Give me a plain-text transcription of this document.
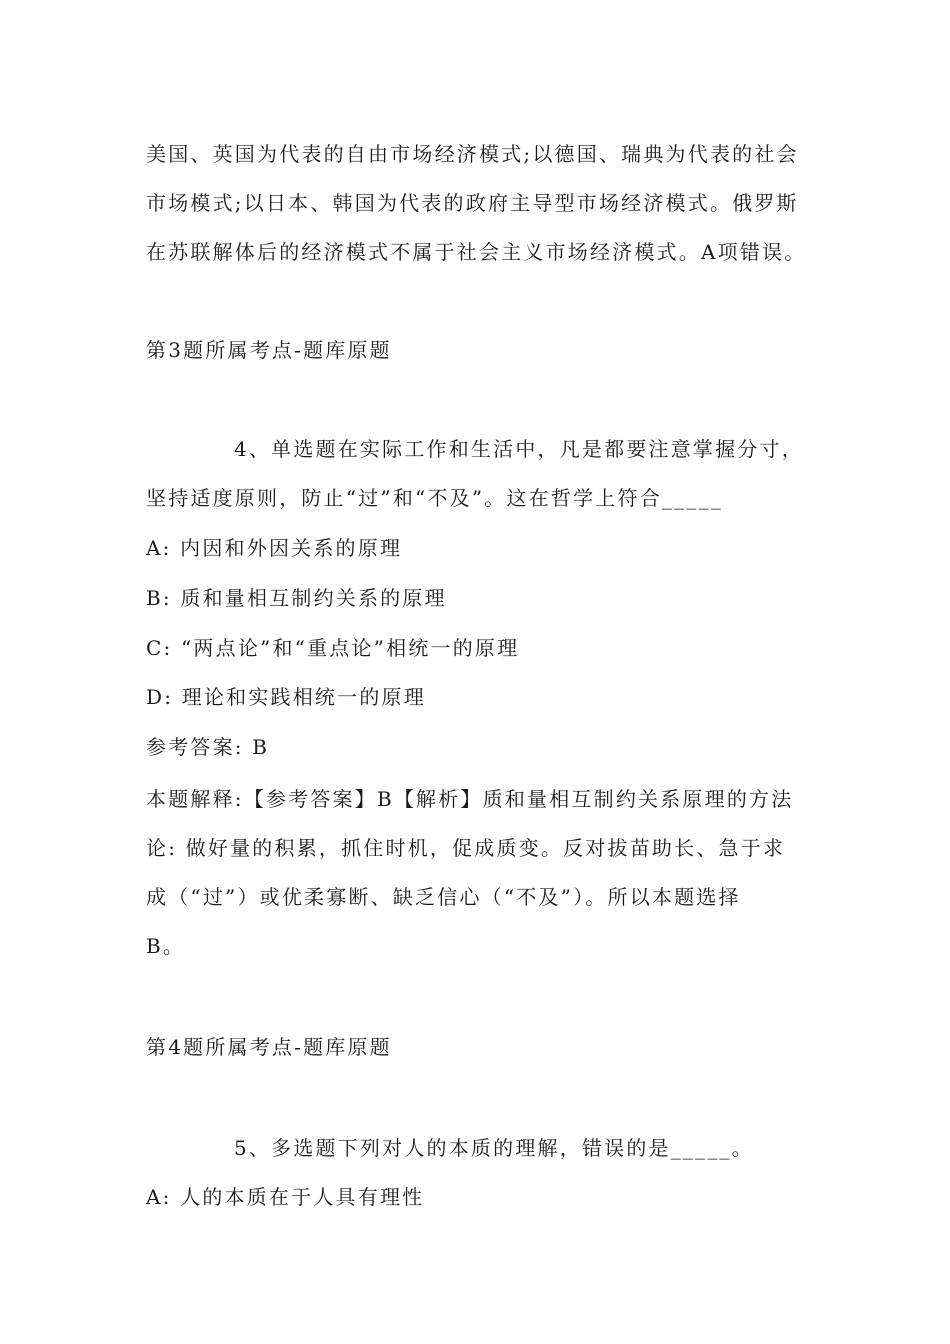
美国、英国为代表的自由市场经济模式;以德国、瑞典为代表的社会
市场模式;以日本、韩国为代表的政府主导型市场经济模式。俄罗斯
在苏联解体后的经济模式不属于社会主义市场经济模式。A项错误。
第3题所属考点-题库原题
4、单选题在实际工作和生活中，凡是都要注意掌握分寸，
坚持适度原则，防止“过”和“不及”。这在哲学上符合_____
A: 内因和外因关系的原理
B: 质和量相互制约关系的原理
C: “两点论”和“重点论”相统一的原理
D: 理论和实践相统一的原理
参考答案: B
本题解释:【参考答案】B【解析】质和量相互制约关系原理的方法
论: 做好量的积累，抓住时机，促成质变。反对拔苗助长、急于求
成（“过”）或优柔寡断、缺乏信心（“不及”）。所以本题选择
B。
第4题所属考点-题库原题
5、多选题下列对人的本质的理解，错误的是_____。
A: 人的本质在于人具有理性
